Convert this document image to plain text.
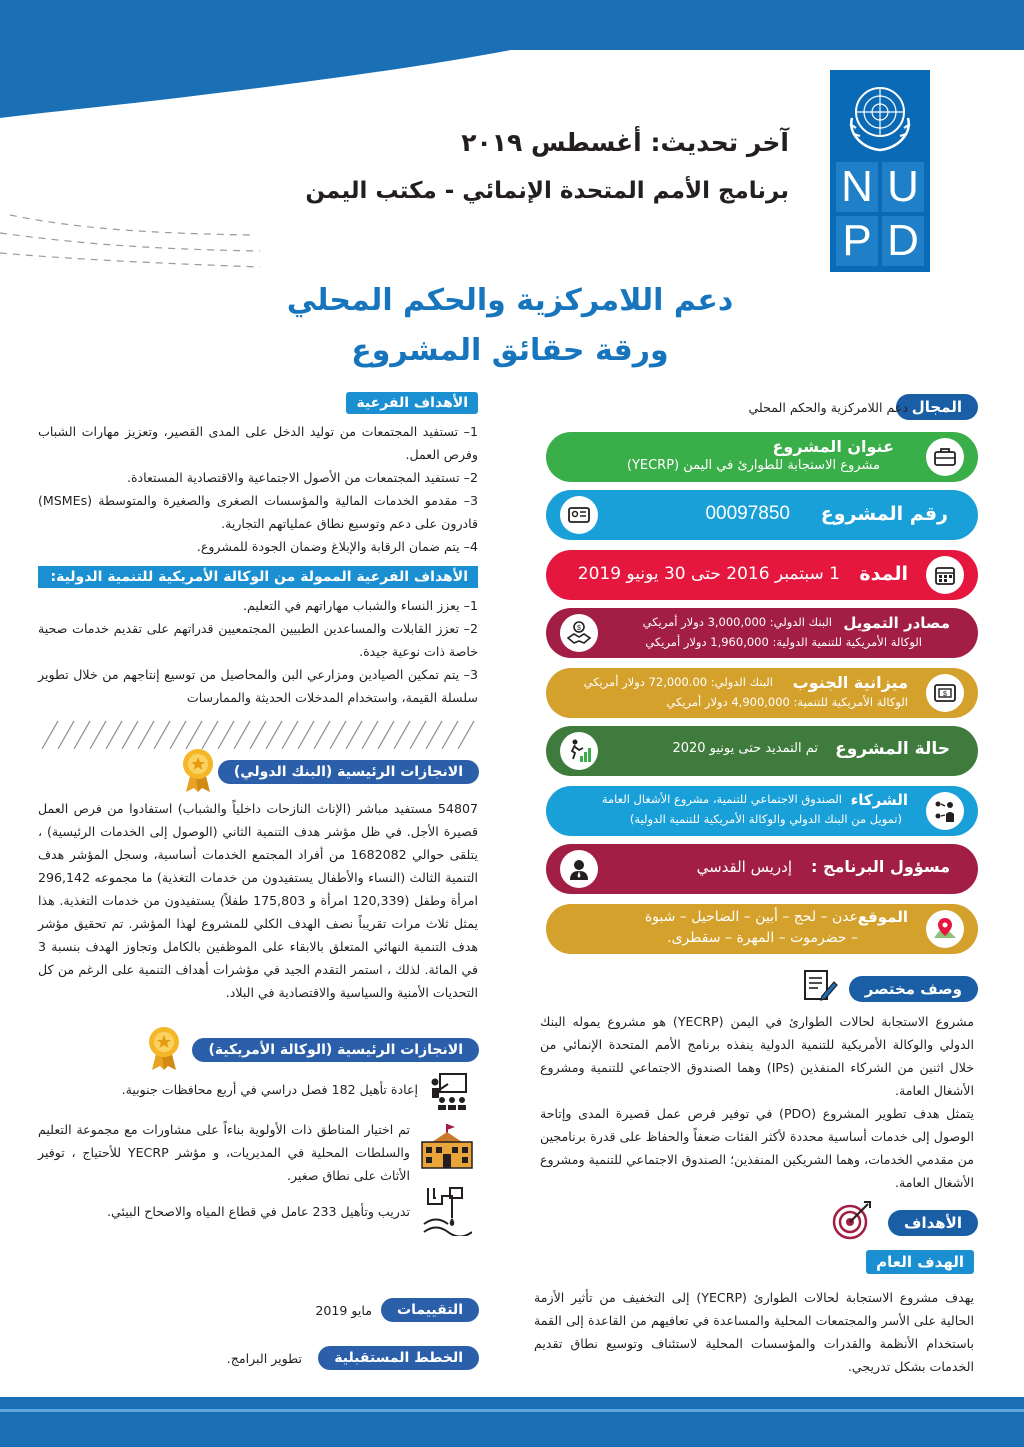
U
N
D
P
آخر تحديث: أغسطس ٢٠١٩
برنامج الأمم المتحدة الإنمائي - مكتب اليمن
دعم اللامركزية والحكم المحلي
ورقة حقائق المشروع
الأهداف الفرعية

1– تستفيد المجتمعات من توليد الدخل على المدى القصير، وتعزيز مهارات الشباب وفرص العمل.

2– تستفيد المجتمعات من الأصول الاجتماعية والاقتصادية المستعادة.

3– مقدمو الخدمات المالية والمؤسسات الصغرى والصغيرة والمتوسطة (MSMEs) قادرون على دعم وتوسيع نطاق عملياتهم التجارية.

4– يتم ضمان الرقابة والإبلاغ وضمان الجودة للمشروع.

الأهداف الفرعية الممولة من الوكالة الأمريكية للتنمية الدولية:

1– يعزز النساء والشباب مهاراتهم في التعليم.

2– تعزز القابلات والمساعدين الطبيين المجتمعيين قدراتهم على تقديم خدمات صحية خاصة ذات نوعية جيدة.

3– يتم تمكين الصيادين ومزارعي البن والمحاصيل من توسيع إنتاجهم من خلال تطوير سلسلة القيمة، واستخدام المدخلات الحديثة والممارسات

الانجازات الرئيسية (البنك الدولي)
54807 مستفيد مباشر (الإناث النازحات داخلياً والشباب) استفادوا من فرص العمل قصيرة الأجل. في ظل مؤشر هدف التنمية الثاني (الوصول إلى الخدمات الرئيسية) ، يتلقى حوالي 1682082 من أفراد المجتمع الخدمات أساسية، وسجل المؤشر هدف التنمية الثالث (النساء والأطفال يستفيدون من خدمات التغذية) ما مجموعه 296,142 امرأة وطفل (120,339 امرأة و 175,803 طفلاً) يستفيدون من خدمات التغذية. هذا يمثل ثلاث مرات تقريباً نصف الهدف الكلي للمشروع لهذا المؤشر. تم تحقيق مؤشر هدف التنمية النهائي المتعلق بالابقاء على الموظفين بالكامل وتجاوز الهدف بنسبة 3 في المائة. لذلك ، استمر التقدم الجيد في مؤشرات أهداف التنمية على الرغم من كل التحديات الأمنية والسياسية والاقتصادية في البلاد.
الانجازات الرئيسية (الوكالة الأمريكية)
إعادة تأهيل 182 فصل دراسي في أربع محافظات جنوبية.
تم اختيار المناطق ذات الأولوية بناءاً على مشاورات مع مجموعة التعليم والسلطات المحلية في المديريات، و مؤشر YECRP للأحتياج ، توفير الأثاث على نطاق صغير.
تدريب وتأهيل 233 عامل في قطاع المياه والاصحاح البيئي.
التقييمات
مايو 2019
الخطط المستقبلية
تطوير البرامج.
المجال
دعم اللامركزية والحكم المحلي
عنوان المشروع
مشروع الاستجابة للطوارئ في اليمن (YECRP)
رقم المشروع
00097850
المدة
1 سبتمبر 2016 حتى 30 يونيو 2019
$	مصادر التمويل
البنك الدولي: 3,000,000 دولار أمريكي
الوكالة الأمريكية للتنمية الدولية: 1,960,000 دولار أمريكي
$
ميزانية الجنوب
البنك الدولي: 72,000.00 دولار أمريكي
الوكالة الأمريكية للتنمية: 4,900,000 دولار أمريكي
حالة المشروع
تم التمديد حتى يونيو 2020
الشركاء
الصندوق الاجتماعي للتنمية، مشروع الأشغال العامة
(تمويل من البنك الدولي والوكالة الأمريكية للتنمية الدولية)
مسؤول البرنامج :
إدريس القدسي
الموقع
عدن – لحج – أبين – الضاحيل – شبوة
– حضرموت – المهرة – سقطرى.
وصف مختصر

مشروع الاستجابة لحالات الطوارئ في اليمن (YECRP) هو مشروع يموله البنك الدولي والوكالة الأمريكية للتنمية الدولية ينفذه برنامج الأمم المتحدة الإنمائي من خلال اثنين من الشركاء المنفذين (IPs) وهما الصندوق الاجتماعي للتنمية ومشروع الأشغال العامة.

يتمثل هدف تطوير المشروع (PDO) في توفير فرص عمل قصيرة المدى وإتاحة الوصول إلى خدمات أساسية محددة لأكثر الفئات ضعفاً والحفاظ على قدرة برنامجين من مقدمي الخدمات، وهما الشريكين المنفذين؛ الصندوق الاجتماعي للتنمية ومشروع الأشغال العامة.

الأهداف
الهدف العام
يهدف مشروع الاستجابة لحالات الطوارئ (YECRP) إلى التخفيف من تأثير الأزمة الحالية على الأسر والمجتمعات المحلية والمساعدة في تعافيهم من القاعدة إلى القمة باستخدام الأنظمة والقدرات والمؤسسات المحلية لاستئناف وتوسيع نطاق تقديم الخدمات بشكل تدريجي.
